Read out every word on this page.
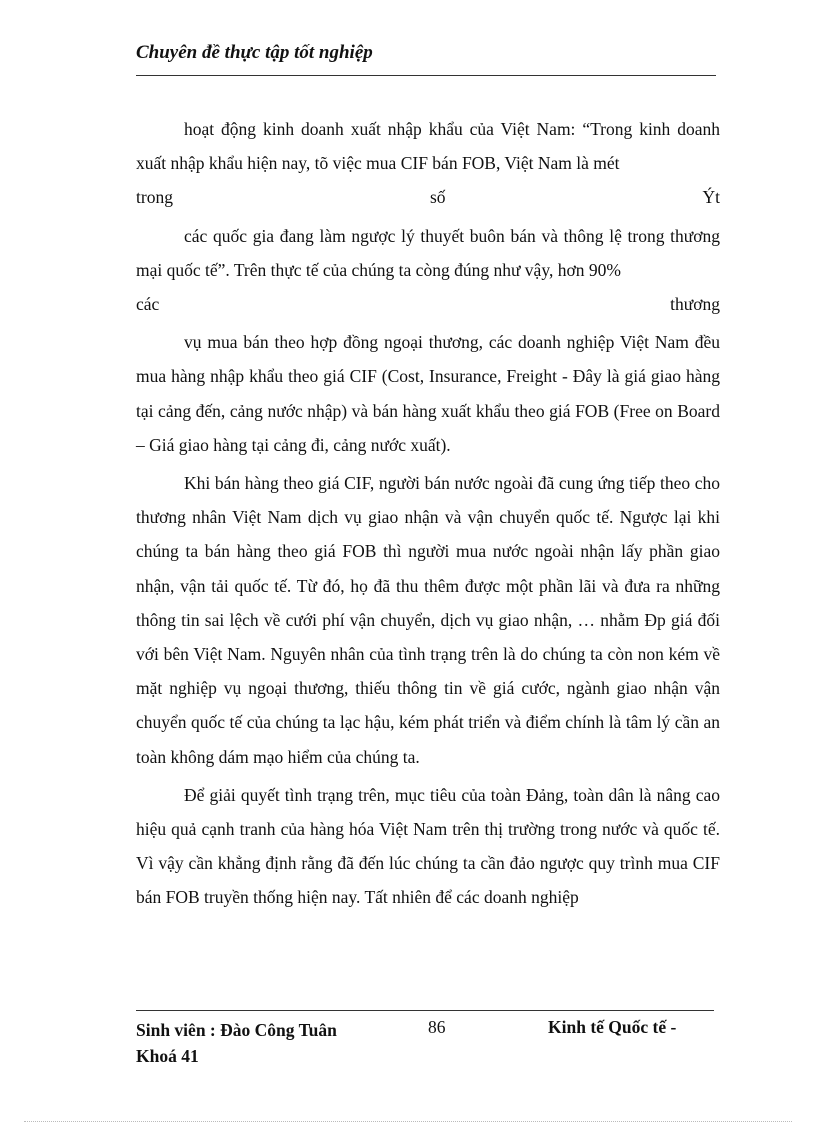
Chuyên đề thực tập tốt nghiệp

hoạt động kinh doanh xuất nhập khẩu của Việt Nam: “Trong kinh doanh xuất nhập khẩu hiện nay, tõ việc mua CIF bán FOB, Việt Nam là mét
trong số Ýt

các quốc gia đang làm ngược lý thuyết buôn bán và thông lệ trong thương mại quốc tế”. Trên thực tế của chúng ta còng đúng như vậy, hơn 90%
các thương

vụ mua bán theo hợp đồng ngoại thương, các doanh nghiệp Việt Nam đều mua hàng nhập khẩu theo giá CIF (Cost, Insurance, Freight - Đây là giá giao hàng tại cảng đến, cảng nước nhập) và bán hàng xuất khẩu theo giá FOB (Free on Board – Giá giao hàng tại cảng đi, cảng nước xuất).

Khi bán hàng theo giá CIF, người bán nước ngoài đã cung ứng tiếp theo cho thương nhân Việt Nam dịch vụ giao nhận và vận chuyển quốc tế. Ngược lại khi chúng ta bán hàng theo giá FOB thì người mua nước ngoài nhận lấy phần giao nhận, vận tải quốc tế. Từ đó, họ đã thu thêm được một phần lãi và đưa ra những thông tin sai lệch về cưới phí vận chuyển, dịch vụ giao nhận, … nhằm Ðp giá đối với bên Việt Nam. Nguyên nhân của tình trạng trên là do chúng ta còn non kém về mặt nghiệp vụ ngoại thương, thiếu thông tin về giá cước, ngành giao nhận vận chuyển quốc tế của chúng ta lạc hậu, kém phát triển và điểm chính là tâm lý cần an toàn không dám mạo hiểm của chúng ta.

Để giải quyết tình trạng trên, mục tiêu của toàn Đảng, toàn dân là nâng cao hiệu quả cạnh tranh của hàng hóa Việt Nam trên thị trường trong nước và quốc tế. Vì vậy cần khẳng định rằng đã đến lúc chúng ta cần đảo ngược quy trình mua CIF bán FOB truyền thống hiện nay. Tất nhiên để các doanh nghiệp

Sinh viên : Đào Công Tuân
Khoá 41
86	Kinh tế Quốc tế -
